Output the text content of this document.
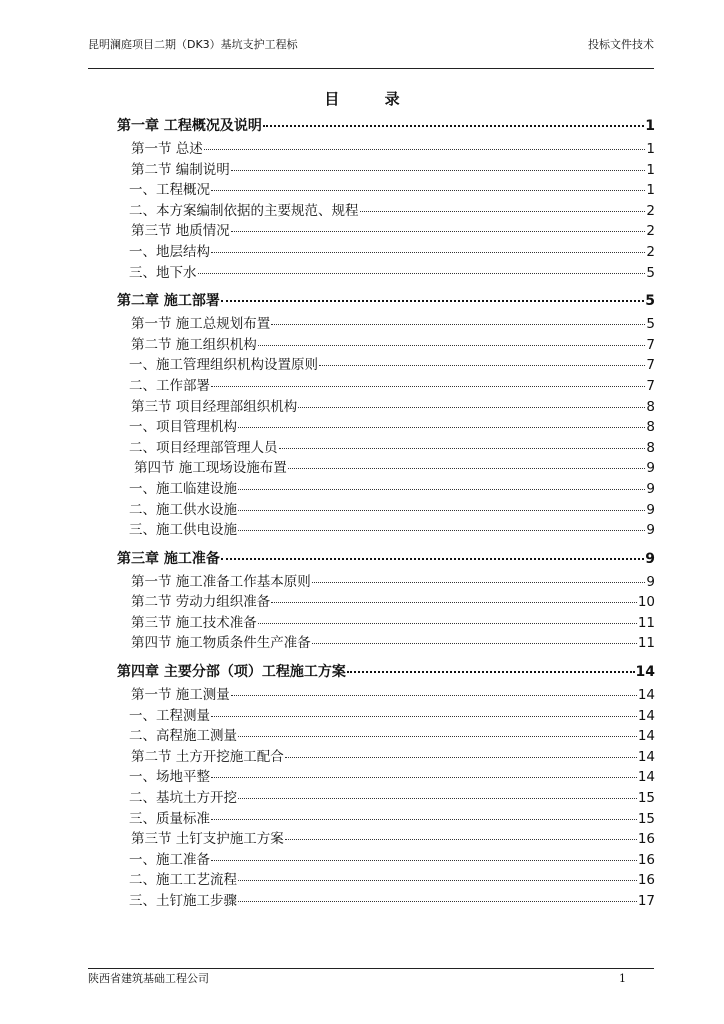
昆明澜庭项目二期（DK3）基坑支护工程标	投标文件技术
目 录
第一章 工程概况及说明	1
第一节 总述	1
第二节 编制说明	1
一、工程概况	1
二、本方案编制依据的主要规范、规程	2
第三节 地质情况	2
一、地层结构	2
三、地下水	5
第二章 施工部署	5
第一节 施工总规划布置	5
第二节 施工组织机构	7
一、施工管理组织机构设置原则	7
二、工作部署	7
第三节 项目经理部组织机构	8
一、项目管理机构	8
二、项目经理部管理人员	8
第四节 施工现场设施布置	9
一、施工临建设施	9
二、施工供水设施	9
三、施工供电设施	9
第三章 施工准备	9
第一节 施工准备工作基本原则	9
第二节 劳动力组织准备	10
第三节 施工技术准备	11
第四节 施工物质条件生产准备	11
第四章 主要分部（项）工程施工方案	14
第一节 施工测量	14
一、工程测量	14
二、高程施工测量	14
第二节 土方开挖施工配合	14
一、场地平整	14
二、基坑土方开挖	15
三、质量标准	15
第三节 土钉支护施工方案	16
一、施工准备	16
二、施工工艺流程	16
三、土钉施工步骤	17
陕西省建筑基础工程公司	1
